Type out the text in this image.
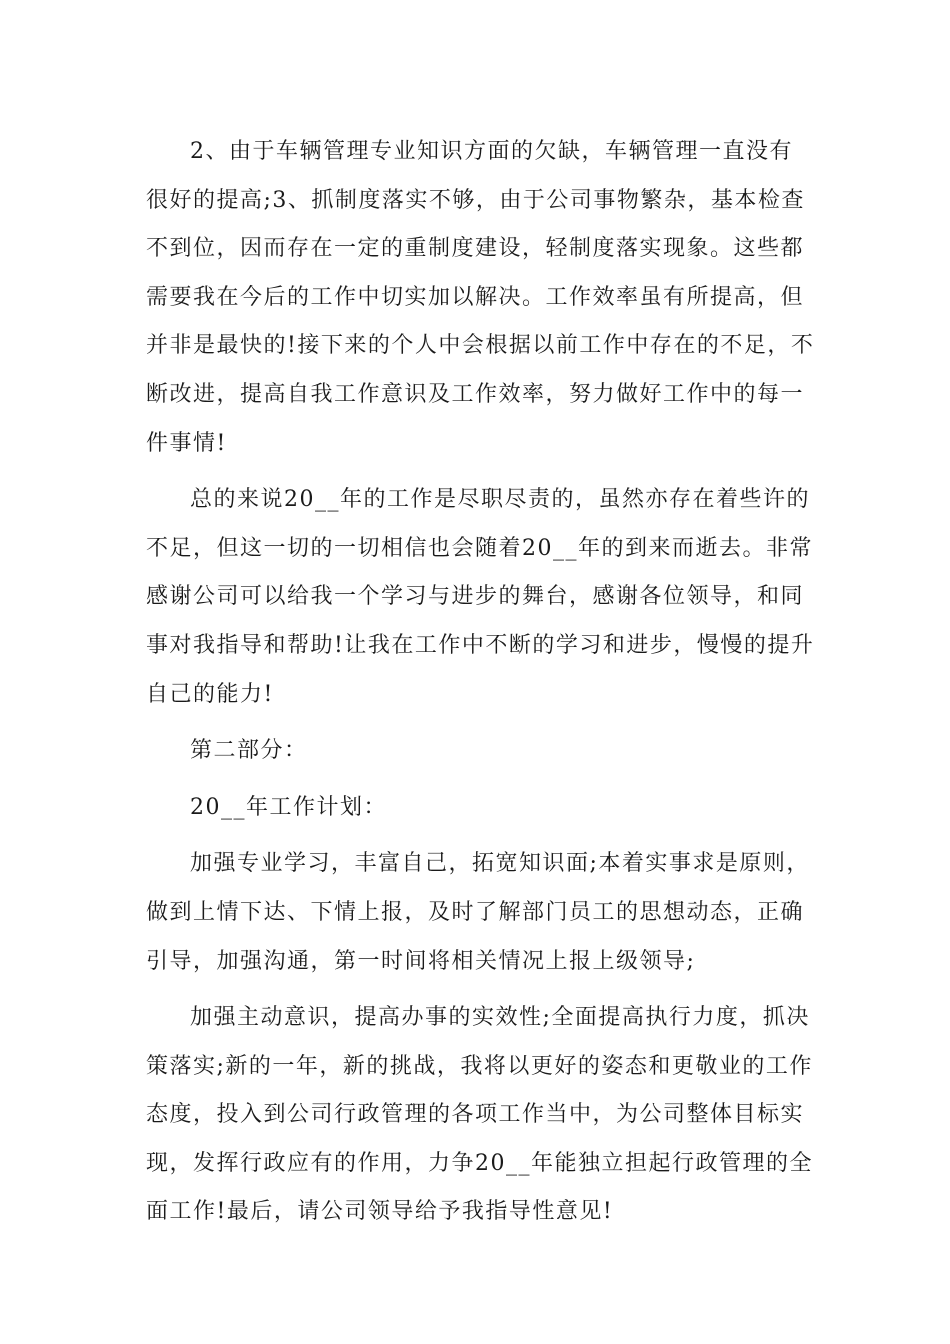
2、由于车辆管理专业知识方面的欠缺，车辆管理一直没有很好的提高;3、抓制度落实不够，由于公司事物繁杂，基本检查不到位，因而存在一定的重制度建设，轻制度落实现象。这些都需要我在今后的工作中切实加以解决。工作效率虽有所提高，但并非是最快的!接下来的个人中会根据以前工作中存在的不足，不断改进，提高自我工作意识及工作效率，努力做好工作中的每一件事情!

总的来说20__年的工作是尽职尽责的，虽然亦存在着些许的不足，但这一切的一切相信也会随着20__年的到来而逝去。非常感谢公司可以给我一个学习与进步的舞台，感谢各位领导，和同事对我指导和帮助!让我在工作中不断的学习和进步，慢慢的提升自己的能力!

第二部分：

20__年工作计划：

加强专业学习，丰富自己，拓宽知识面;本着实事求是原则，做到上情下达、下情上报，及时了解部门员工的思想动态，正确引导，加强沟通，第一时间将相关情况上报上级领导;

加强主动意识，提高办事的实效性;全面提高执行力度，抓决策落实;新的一年，新的挑战，我将以更好的姿态和更敬业的工作态度，投入到公司行政管理的各项工作当中，为公司整体目标实现，发挥行政应有的作用，力争20__年能独立担起行政管理的全面工作!最后，请公司领导给予我指导性意见!
